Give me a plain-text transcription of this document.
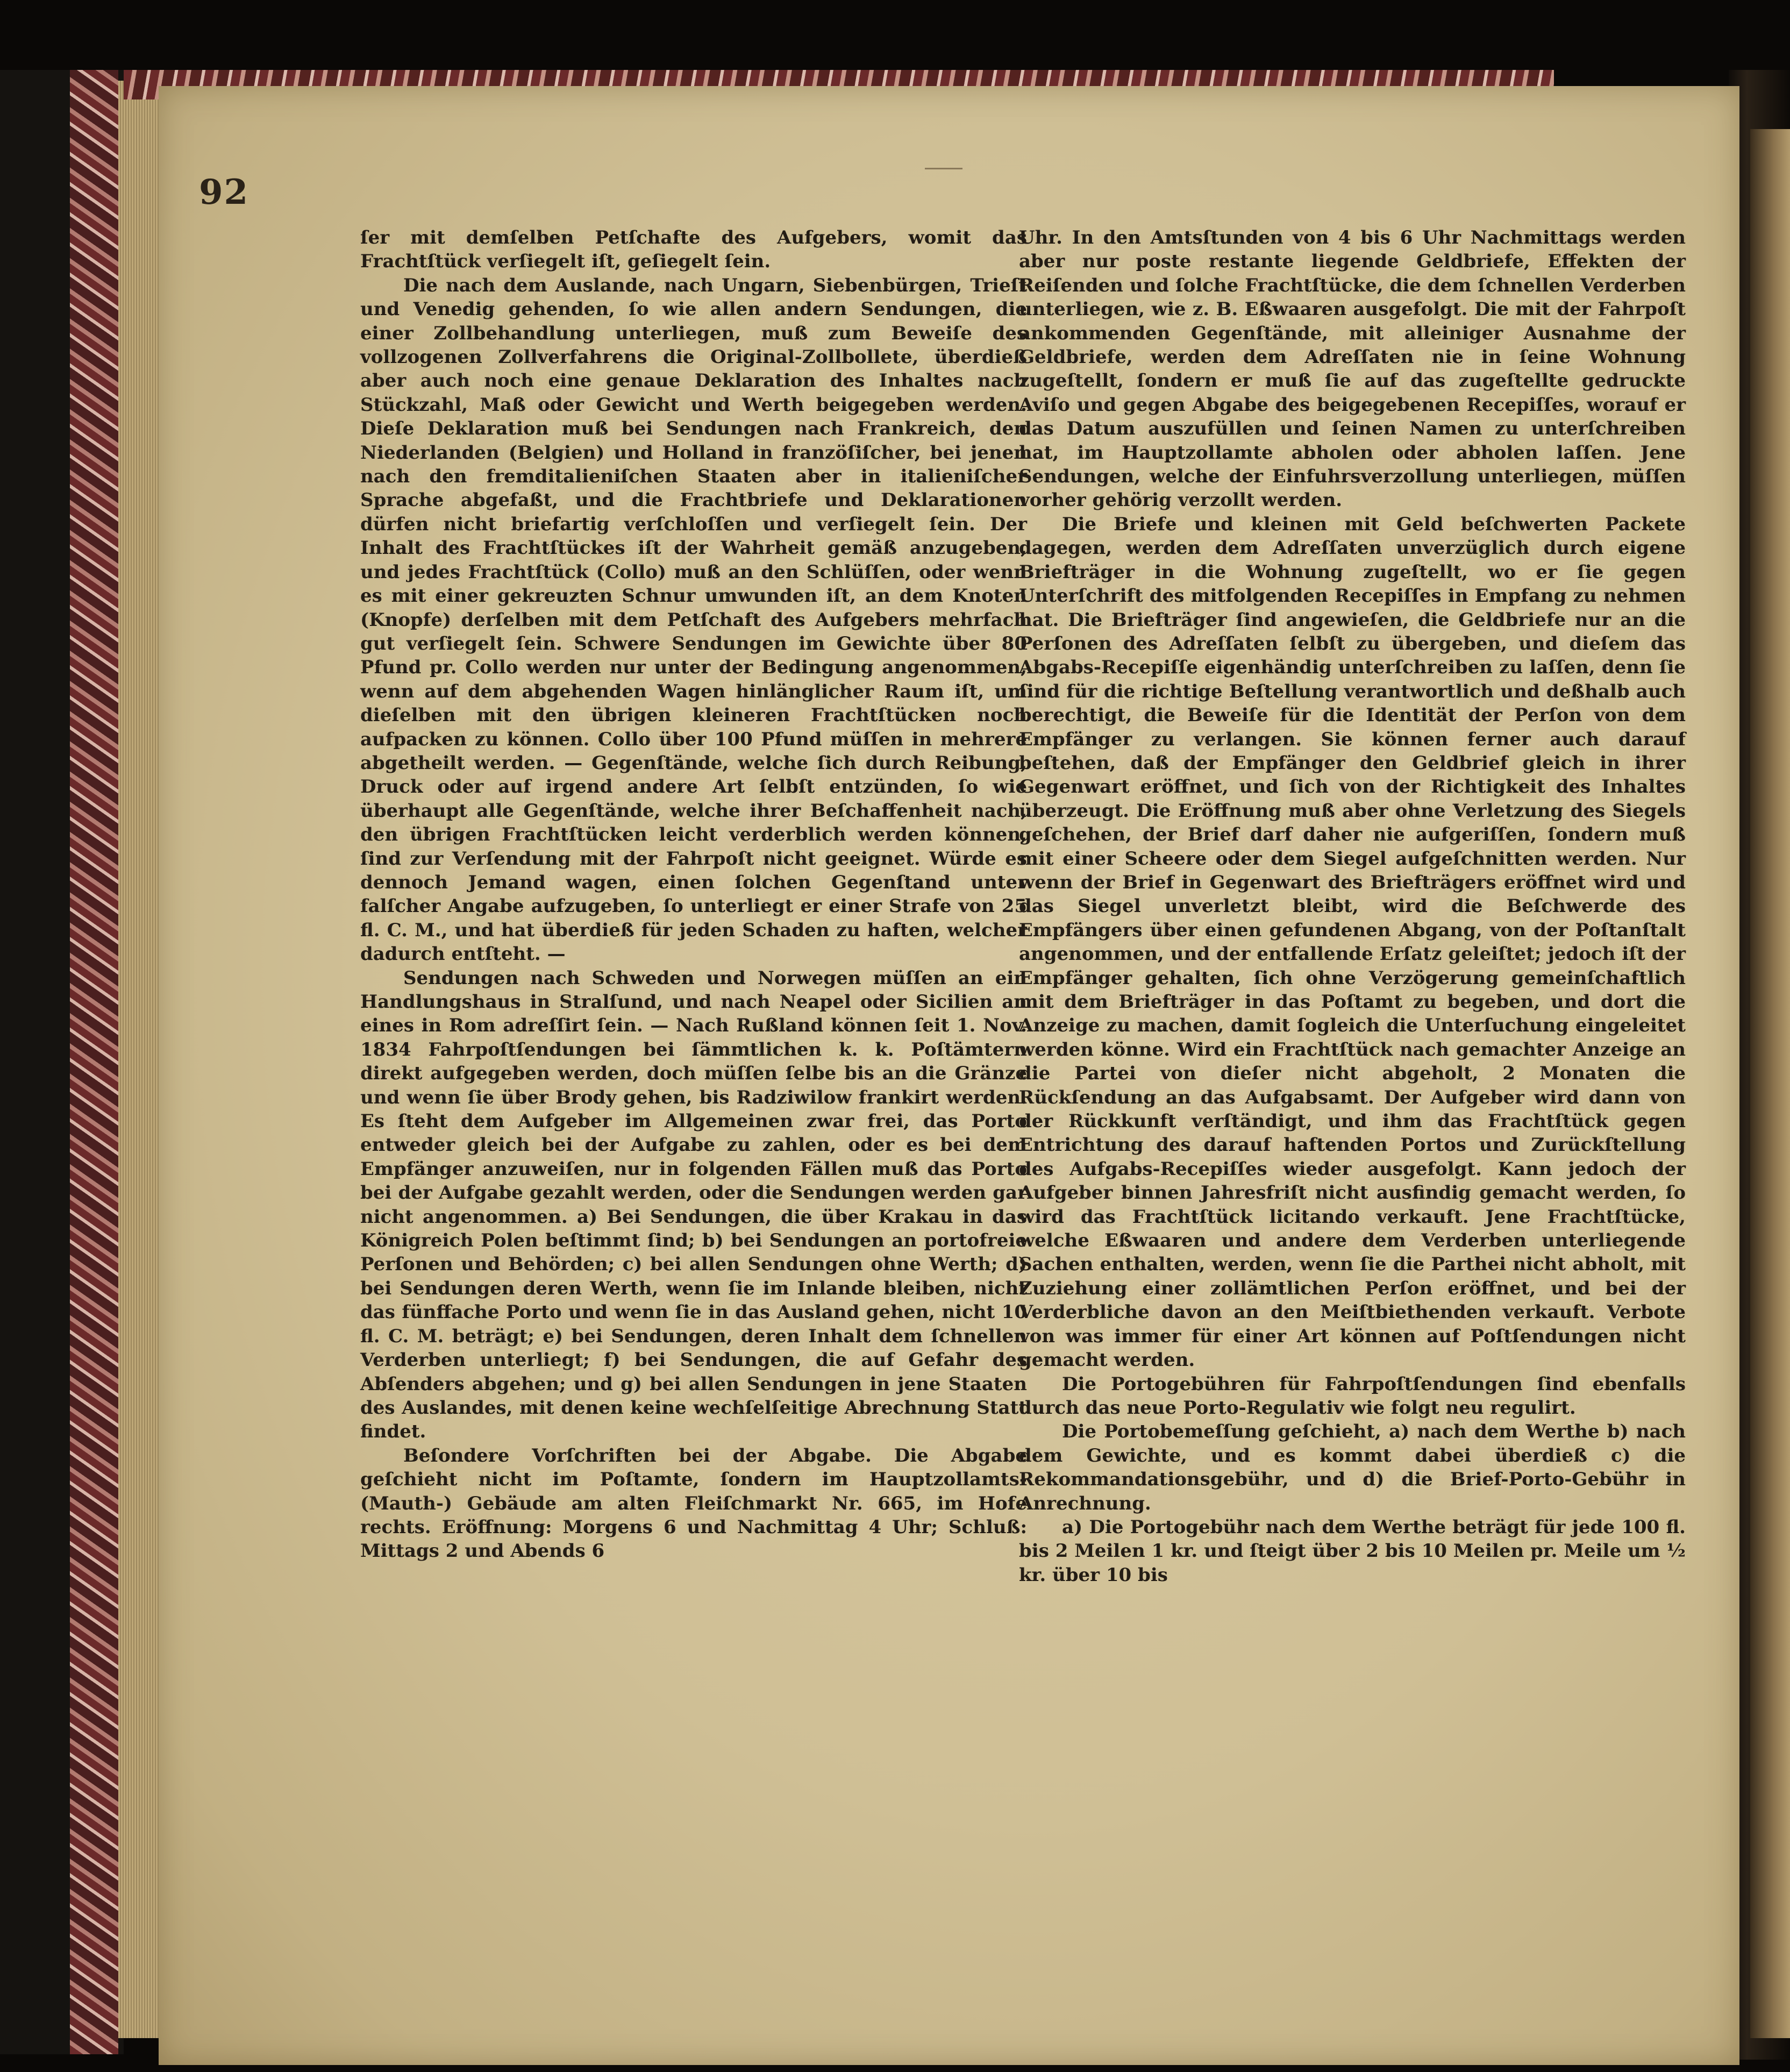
92

ſer mit demſelben Petſchafte des Aufgebers, womit das Frachtſtück verſiegelt iſt, geſiegelt ſein.

Die nach dem Auslande, nach Ungarn, Siebenbürgen, Trieſt und Venedig gehenden, ſo wie allen andern Sendungen, die einer Zollbehandlung unterliegen, muß zum Beweiſe des vollzogenen Zollverfahrens die Original-Zollbollete, überdieß aber auch noch eine genaue Deklaration des Inhaltes nach Stückzahl, Maß oder Gewicht und Werth beigegeben werden. Dieſe Deklaration muß bei Sendungen nach Frankreich, den Niederlanden (Belgien) und Holland in franzöſiſcher, bei jenen nach den fremditalieniſchen Staaten aber in italieniſcher Sprache abgefaßt, und die Frachtbriefe und Deklarationen dürfen nicht briefartig verſchloſſen und verſiegelt ſein. Der Inhalt des Frachtſtückes iſt der Wahrheit gemäß anzugeben, und jedes Frachtſtück (Collo) muß an den Schlüſſen, oder wenn es mit einer gekreuzten Schnur umwunden iſt, an dem Knoten (Knopfe) derſelben mit dem Petſchaft des Aufgebers mehrfach gut verſiegelt ſein. Schwere Sendungen im Gewichte über 80 Pfund pr. Collo werden nur unter der Bedingung angenommen, wenn auf dem abgehenden Wagen hinlänglicher Raum iſt, um dieſelben mit den übrigen kleineren Frachtſtücken noch aufpacken zu können. Collo über 100 Pfund müſſen in mehrere abgetheilt werden. — Gegenſtände, welche ſich durch Reibung, Druck oder auf irgend andere Art ſelbſt entzünden, ſo wie überhaupt alle Gegenſtände, welche ihrer Beſchaffenheit nach, den übrigen Frachtſtücken leicht verderblich werden können, ſind zur Verſendung mit der Fahrpoſt nicht geeignet. Würde es dennoch Jemand wagen, einen ſolchen Gegenſtand unter falſcher Angabe aufzugeben, ſo unterliegt er einer Strafe von 25 fl. C. M., und hat überdieß für jeden Schaden zu haften, welcher dadurch entſteht. —

Sendungen nach Schweden und Norwegen müſſen an ein Handlungshaus in Stralſund, und nach Neapel oder Sicilien an eines in Rom adreſſirt ſein. — Nach Rußland können ſeit 1. Nov. 1834 Fahrpoſtſendungen bei ſämmtlichen k. k. Poſtämtern direkt aufgegeben werden, doch müſſen ſelbe bis an die Gränze und wenn ſie über Brody gehen, bis Radziwilow frankirt werden. Es ſteht dem Aufgeber im Allgemeinen zwar frei, das Porto entweder gleich bei der Aufgabe zu zahlen, oder es bei dem Empfänger anzuweiſen, nur in folgenden Fällen muß das Porto bei der Aufgabe gezahlt werden, oder die Sendungen werden gar nicht angenommen. a) Bei Sendungen, die über Krakau in das Königreich Polen beſtimmt ſind; b) bei Sendungen an portofreie Perſonen und Behörden; c) bei allen Sendungen ohne Werth; d) bei Sendungen deren Werth, wenn ſie im Inlande bleiben, nicht das fünffache Porto und wenn ſie in das Ausland gehen, nicht 10 fl. C. M. beträgt; e) bei Sendungen, deren Inhalt dem ſchnellen Verderben unterliegt; f) bei Sendungen, die auf Gefahr des Abſenders abgehen; und g) bei allen Sendungen in jene Staaten des Auslandes, mit denen keine wechſelſeitige Abrechnung Statt findet.

Beſondere Vorſchriften bei der Abgabe. Die Abgabe geſchieht nicht im Poſtamte, ſondern im Hauptzollamts- (Mauth-) Gebäude am alten Fleiſchmarkt Nr. 665, im Hofe rechts. Eröffnung: Morgens 6 und Nachmittag 4 Uhr; Schluß: Mittags 2 und Abends 6

Uhr. In den Amtsſtunden von 4 bis 6 Uhr Nachmittags werden aber nur poste restante liegende Geldbriefe, Effekten der Reiſenden und ſolche Frachtſtücke, die dem ſchnellen Verderben unterliegen, wie z. B. Eßwaaren ausgefolgt. Die mit der Fahrpoſt ankommenden Gegenſtände, mit alleiniger Ausnahme der Geldbriefe, werden dem Adreſſaten nie in ſeine Wohnung zugeſtellt, ſondern er muß ſie auf das zugeſtellte gedruckte Aviſo und gegen Abgabe des beigegebenen Recepiſſes, worauf er das Datum auszufüllen und ſeinen Namen zu unterſchreiben hat, im Hauptzollamte abholen oder abholen laſſen. Jene Sendungen, welche der Einfuhrsverzollung unterliegen, müſſen vorher gehörig verzollt werden.

Die Briefe und kleinen mit Geld beſchwerten Packete dagegen, werden dem Adreſſaten unverzüglich durch eigene Briefträger in die Wohnung zugeſtellt, wo er ſie gegen Unterſchrift des mitfolgenden Recepiſſes in Empfang zu nehmen hat. Die Briefträger ſind angewieſen, die Geldbriefe nur an die Perſonen des Adreſſaten ſelbſt zu übergeben, und dieſem das Abgabs-Recepiſſe eigenhändig unterſchreiben zu laſſen, denn ſie ſind für die richtige Beſtellung verantwortlich und deßhalb auch berechtigt, die Beweiſe für die Identität der Perſon von dem Empfänger zu verlangen. Sie können ferner auch darauf beſtehen, daß der Empfänger den Geldbrief gleich in ihrer Gegenwart eröffnet, und ſich von der Richtigkeit des Inhaltes überzeugt. Die Eröffnung muß aber ohne Verletzung des Siegels geſchehen, der Brief darf daher nie aufgeriſſen, ſondern muß mit einer Scheere oder dem Siegel aufgeſchnitten werden. Nur wenn der Brief in Gegenwart des Briefträgers eröffnet wird und das Siegel unverletzt bleibt, wird die Beſchwerde des Empfängers über einen gefundenen Abgang, von der Poſtanſtalt angenommen, und der entfallende Erſatz geleiſtet; jedoch iſt der Empfänger gehalten, ſich ohne Verzögerung gemeinſchaftlich mit dem Briefträger in das Poſtamt zu begeben, und dort die Anzeige zu machen, damit ſogleich die Unterſuchung eingeleitet werden könne. Wird ein Frachtſtück nach gemachter Anzeige an die Partei von dieſer nicht abgeholt, 2 Monaten die Rückſendung an das Aufgabsamt. Der Aufgeber wird dann von der Rückkunft verſtändigt, und ihm das Frachtſtück gegen Entrichtung des darauf haftenden Portos und Zurückſtellung des Aufgabs-Recepiſſes wieder ausgefolgt. Kann jedoch der Aufgeber binnen Jahresfriſt nicht ausfindig gemacht werden, ſo wird das Frachtſtück licitando verkauft. Jene Frachtſtücke, welche Eßwaaren und andere dem Verderben unterliegende Sachen enthalten, werden, wenn ſie die Parthei nicht abholt, mit Zuziehung einer zollämtlichen Perſon eröffnet, und bei der Verderbliche davon an den Meiſtbiethenden verkauft. Verbote von was immer für einer Art können auf Poſtſendungen nicht gemacht werden.

Die Portogebühren für Fahrpoſtſendungen ſind ebenfalls durch das neue Porto-Regulativ wie folgt neu regulirt.

Die Portobemeſſung geſchieht, a) nach dem Werthe b) nach dem Gewichte, und es kommt dabei überdieß c) die Rekommandationsgebühr, und d) die Brief-Porto-Gebühr in Anrechnung.

a) Die Portogebühr nach dem Werthe beträgt für jede 100 fl. bis 2 Meilen 1 kr. und ſteigt über 2 bis 10 Meilen pr. Meile um ½ kr. über 10 bis
